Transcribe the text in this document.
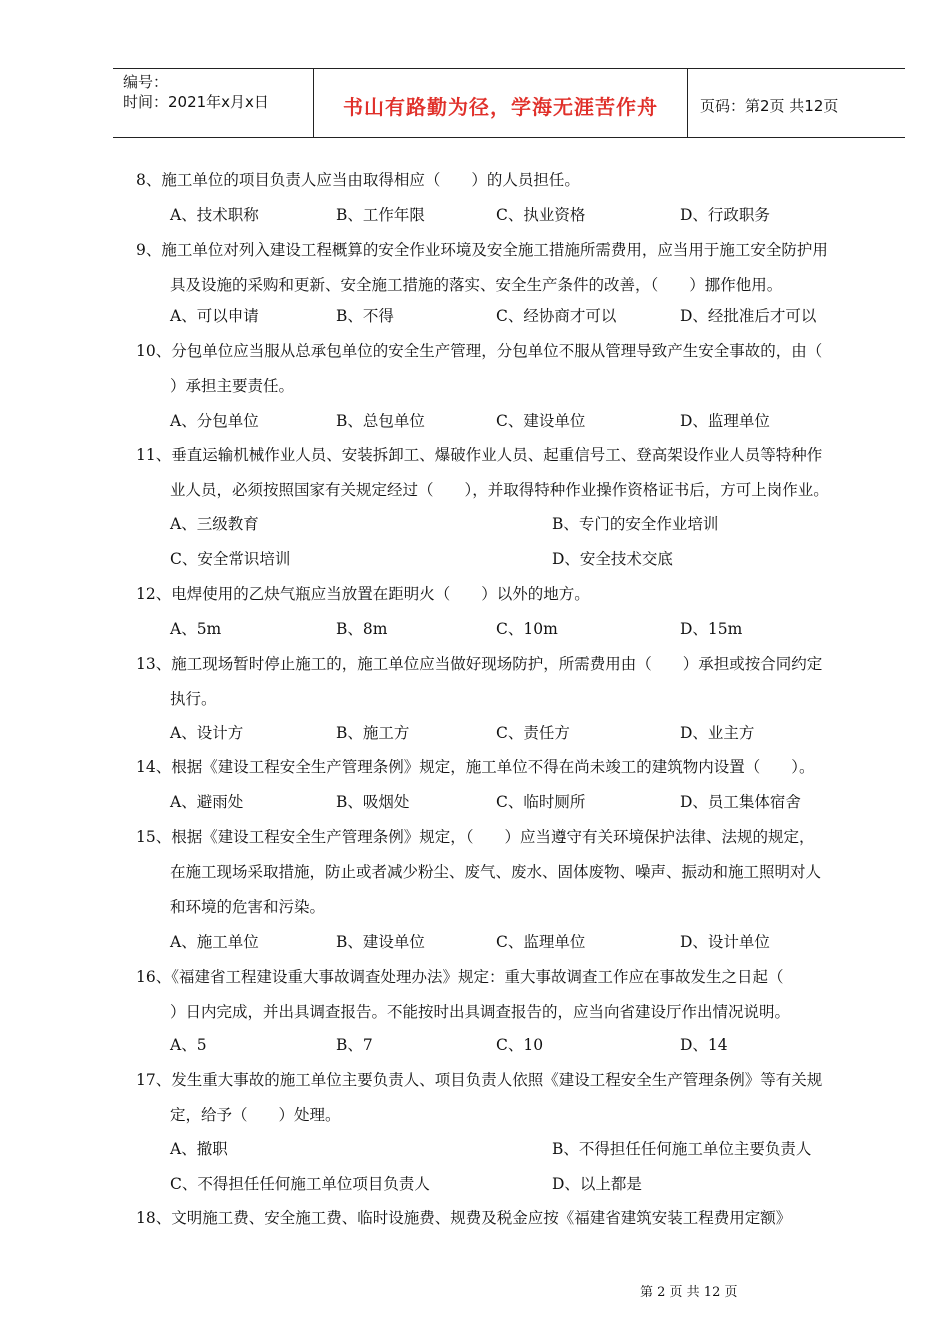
编号：
时间：2021年x月x日	书山有路勤为径，学海无涯苦作舟	页码：第2页 共12页
8、施工单位的项目负责人应当由取得相应（　　）的人员担任。
A、技术职称	B、工作年限	C、执业资格	D、行政职务
9、施工单位对列入建设工程概算的安全作业环境及安全施工措施所需费用，应当用于施工安全防护用
具及设施的采购和更新、安全施工措施的落实、安全生产条件的改善，（　　）挪作他用。
A、可以申请	B、不得	C、经协商才可以	D、经批准后才可以
10、分包单位应当服从总承包单位的安全生产管理，分包单位不服从管理导致产生安全事故的，由（
）承担主要责任。
A、分包单位	B、总包单位	C、建设单位	D、监理单位
11、垂直运输机械作业人员、安装拆卸工、爆破作业人员、起重信号工、登高架设作业人员等特种作
业人员，必须按照国家有关规定经过（　　），并取得特种作业操作资格证书后，方可上岗作业。
A、三级教育	B、专门的安全作业培训
C、安全常识培训	D、安全技术交底
12、电焊使用的乙炔气瓶应当放置在距明火（　　）以外的地方。
A、5m	B、8m	C、10m	D、15m
13、施工现场暂时停止施工的，施工单位应当做好现场防护，所需费用由（　　）承担或按合同约定
执行。
A、设计方	B、施工方	C、责任方	D、业主方
14、根据《建设工程安全生产管理条例》规定，施工单位不得在尚未竣工的建筑物内设置（　　）。
A、避雨处	B、吸烟处	C、临时厕所	D、员工集体宿舍
15、根据《建设工程安全生产管理条例》规定，（　　）应当遵守有关环境保护法律、法规的规定，
在施工现场采取措施，防止或者减少粉尘、废气、废水、固体废物、噪声、振动和施工照明对人
和环境的危害和污染。
A、施工单位	B、建设单位	C、监理单位	D、设计单位
16、《福建省工程建设重大事故调查处理办法》规定：重大事故调查工作应在事故发生之日起（
）日内完成，并出具调查报告。不能按时出具调查报告的，应当向省建设厅作出情况说明。
A、5	B、7	C、10	D、14
17、发生重大事故的施工单位主要负责人、项目负责人依照《建设工程安全生产管理条例》等有关规
定，给予（　　）处理。
A、撤职	B、不得担任任何施工单位主要负责人
C、不得担任任何施工单位项目负责人	D、以上都是
18、文明施工费、安全施工费、临时设施费、规费及税金应按《福建省建筑安装工程费用定额》
第 2 页 共 12 页
